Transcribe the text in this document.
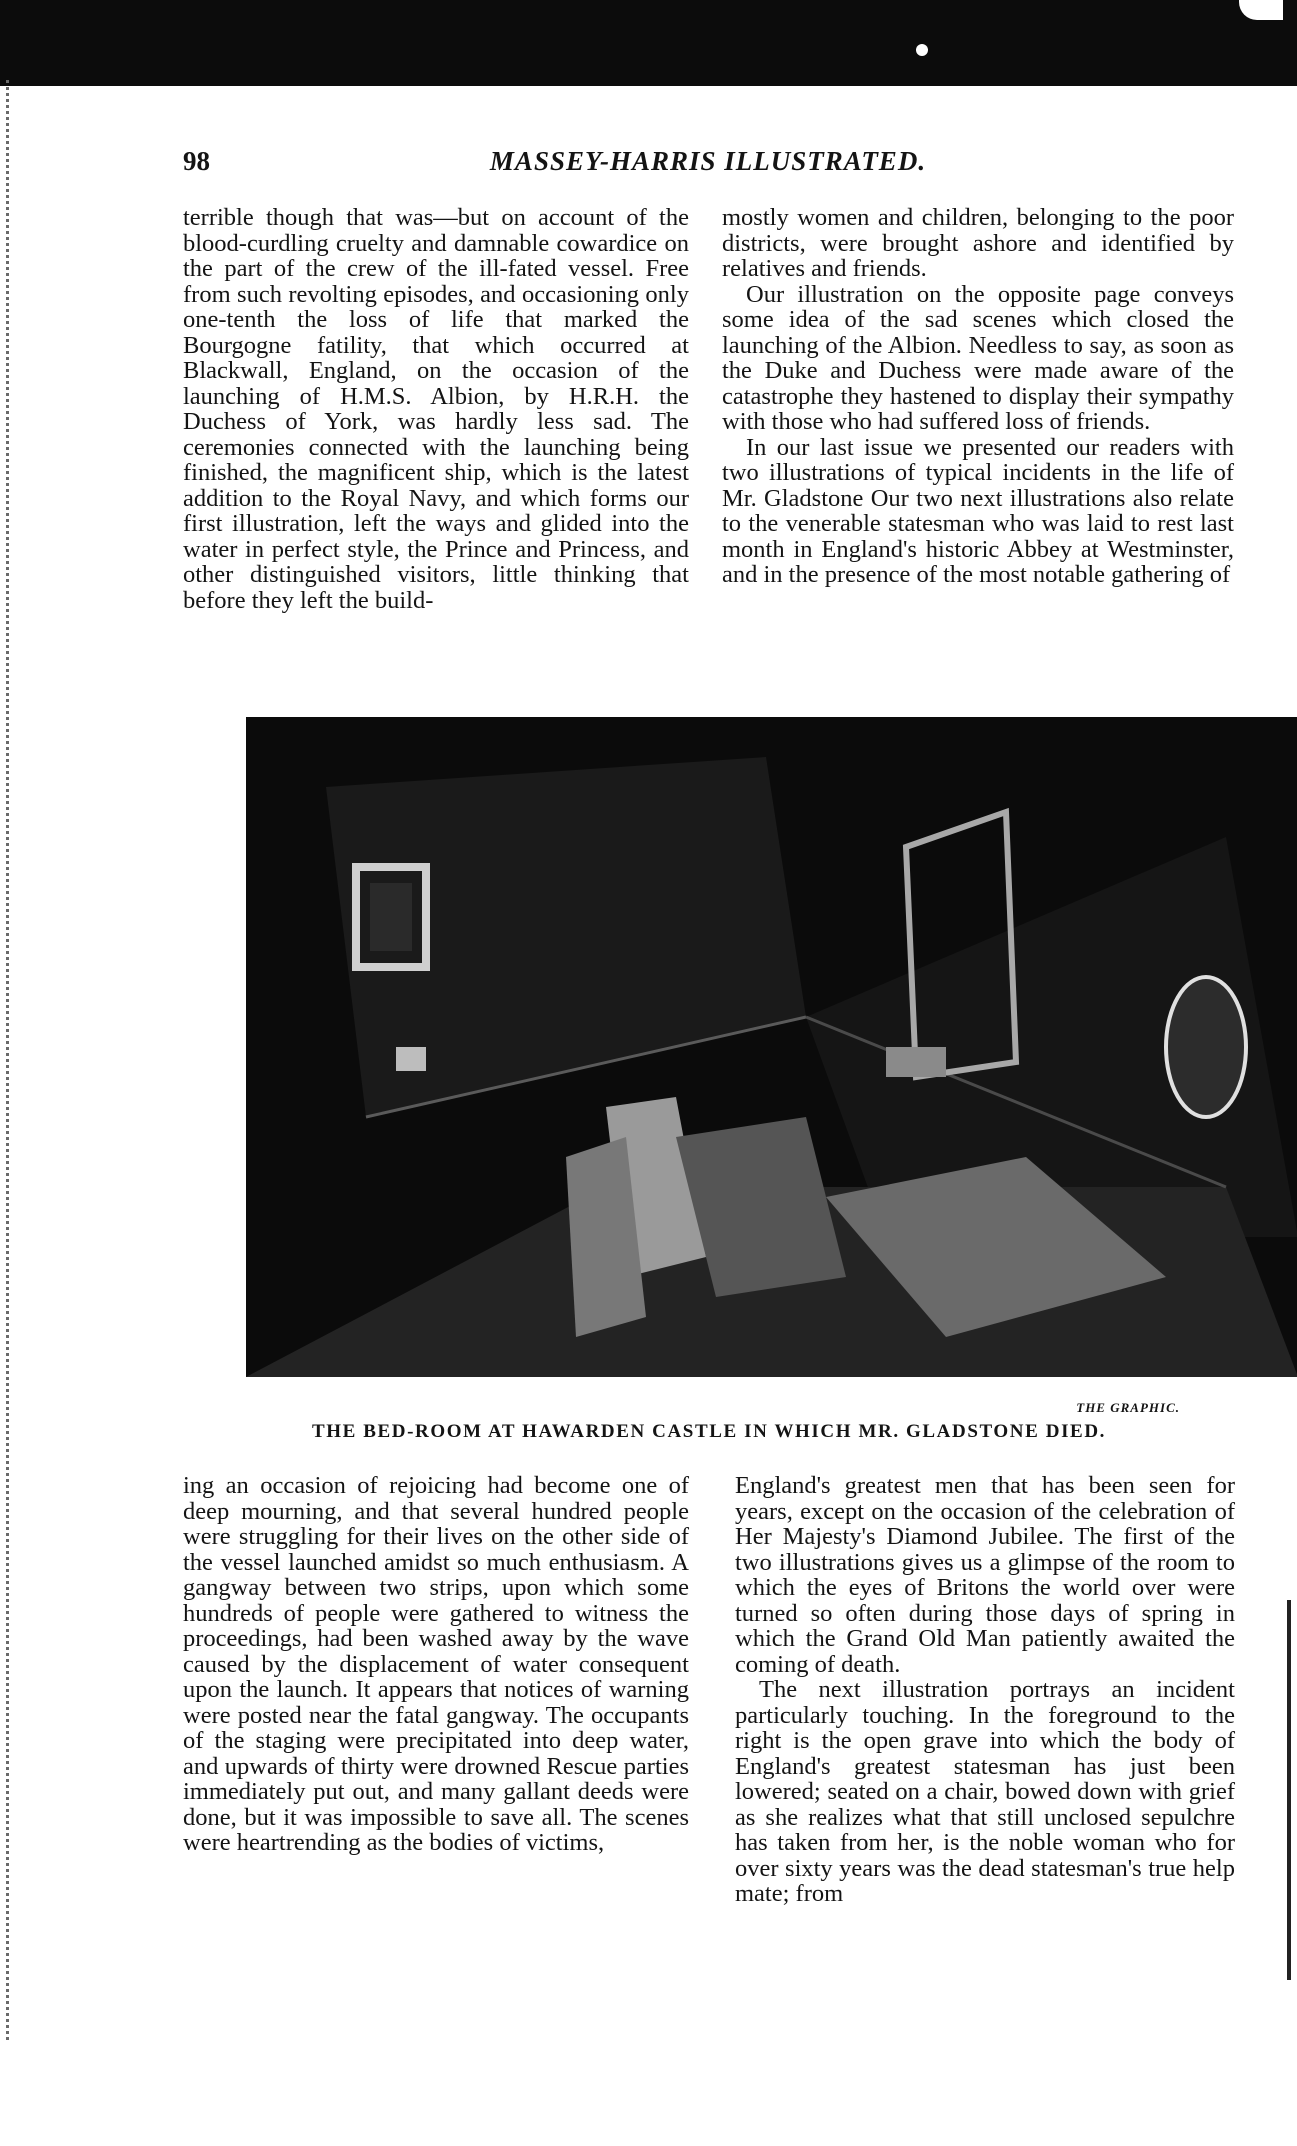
98	MASSEY-HARRIS ILLUSTRATED.

terrible though that was—but on account of the blood-curdling cruelty and damnable cowardice on the part of the crew of the ill-fated vessel. Free from such revolting episodes, and occasioning only one-tenth the loss of life that marked the Bourgogne fatility, that which occurred at Blackwall, England, on the occasion of the launching of H.M.S. Albion, by H.R.H. the Duchess of York, was hardly less sad. The ceremonies connected with the launching being finished, the magnificent ship, which is the latest addition to the Royal Navy, and which forms our first illustration, left the ways and glided into the water in perfect style, the Prince and Princess, and other distinguished visitors, little thinking that before they left the build-

mostly women and children, belonging to the poor districts, were brought ashore and identified by relatives and friends.

Our illustration on the opposite page conveys some idea of the sad scenes which closed the launching of the Albion. Needless to say, as soon as the Duke and Duchess were made aware of the catastrophe they hastened to display their sympathy with those who had suffered loss of friends.

In our last issue we presented our readers with two illustrations of typical incidents in the life of Mr. Gladstone Our two next illustrations also relate to the venerable statesman who was laid to rest last month in England's historic Abbey at Westminster, and in the presence of the most notable gathering of

THE GRAPHIC.
THE BED-ROOM AT HAWARDEN CASTLE IN WHICH MR. GLADSTONE DIED.

ing an occasion of rejoicing had become one of deep mourning, and that several hundred people were struggling for their lives on the other side of the vessel launched amidst so much enthusiasm. A gangway between two strips, upon which some hundreds of people were gathered to witness the proceedings, had been washed away by the wave caused by the displacement of water consequent upon the launch. It appears that notices of warning were posted near the fatal gangway. The occupants of the staging were precipitated into deep water, and upwards of thirty were drowned Rescue parties immediately put out, and many gallant deeds were done, but it was impossible to save all. The scenes were heartrending as the bodies of victims,

England's greatest men that has been seen for years, except on the occasion of the celebration of Her Majesty's Diamond Jubilee. The first of the two illustrations gives us a glimpse of the room to which the eyes of Britons the world over were turned so often during those days of spring in which the Grand Old Man patiently awaited the coming of death.

The next illustration portrays an incident particularly touching. In the foreground to the right is the open grave into which the body of England's greatest statesman has just been lowered; seated on a chair, bowed down with grief as she realizes what that still unclosed sepulchre has taken from her, is the noble woman who for over sixty years was the dead statesman's true help mate; from
